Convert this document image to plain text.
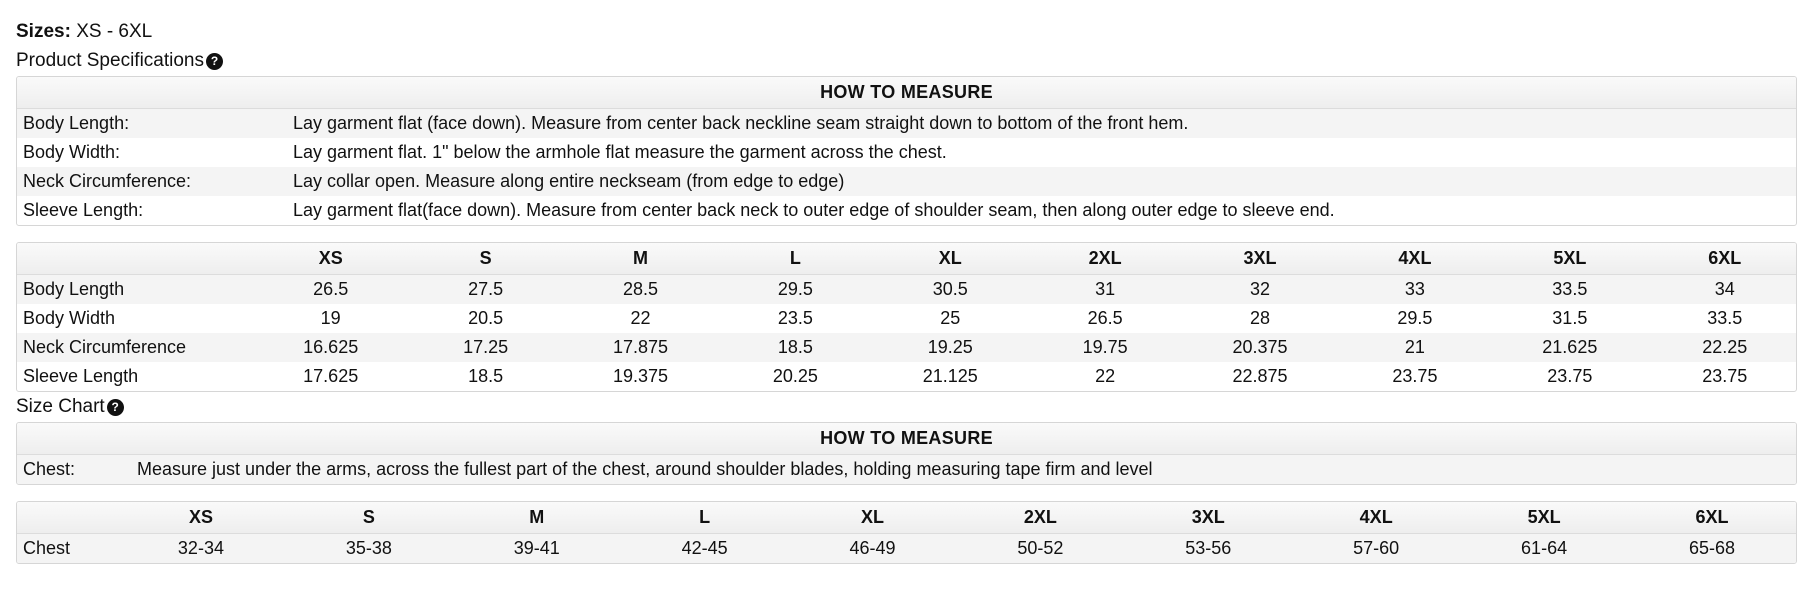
Sizes: XS - 6XL
Product Specifications ?
HOW TO MEASURE	
Body Length:	Lay garment flat (face down). Measure from center back neckline seam straight down to bottom of the front hem.
Body Width:	Lay garment flat. 1" below the armhole flat measure the garment across the chest.
Neck Circumference:	Lay collar open. Measure along entire neckseam (from edge to edge)
Sleeve Length:	Lay garment flat(face down). Measure from center back neck to outer edge of shoulder seam, then along outer edge to sleeve end.
	XS	S	M	L	XL	2XL	3XL	4XL	5XL	6XL
Body Length	26.5	27.5	28.5	29.5	30.5	31	32	33	33.5	34
Body Width	19	20.5	22	23.5	25	26.5	28	29.5	31.5	33.5
Neck Circumference	16.625	17.25	17.875	18.5	19.25	19.75	20.375	21	21.625	22.25
Sleeve Length	17.625	18.5	19.375	20.25	21.125	22	22.875	23.75	23.75	23.75
Size Chart ?
HOW TO MEASURE
Chest:	Measure just under the arms, across the fullest part of the chest, around shoulder blades, holding measuring tape firm and level
	XS	S	M	L	XL	2XL	3XL	4XL	5XL	6XL
Chest	32-34	35-38	39-41	42-45	46-49	50-52	53-56	57-60	61-64	65-68
